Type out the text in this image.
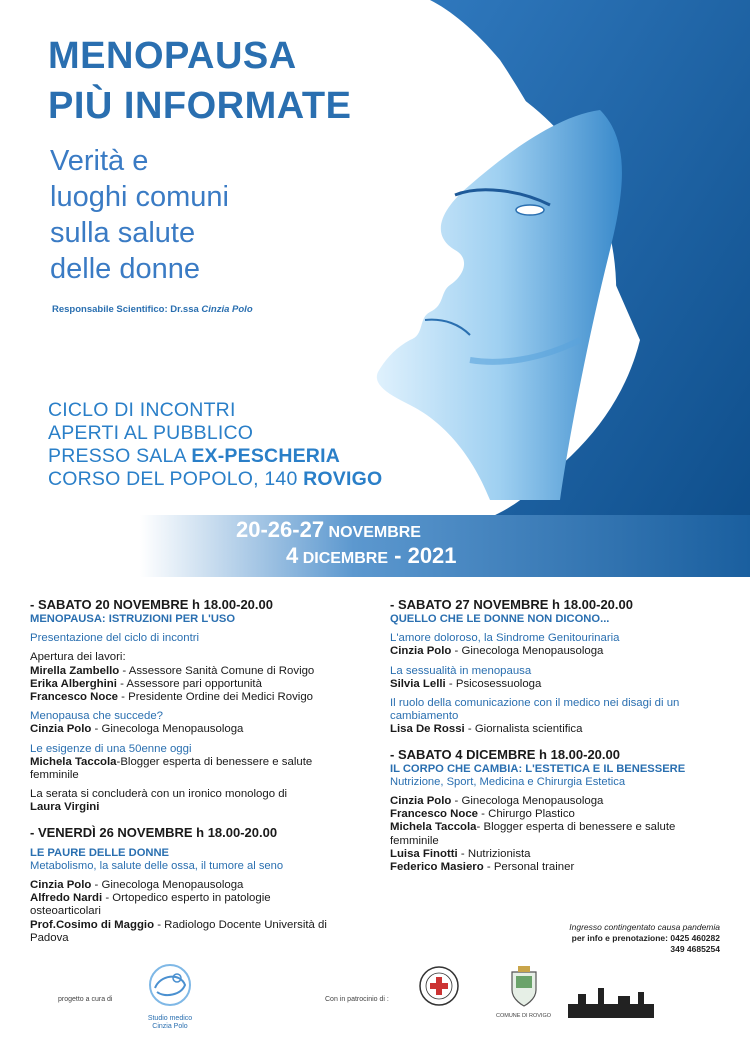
MENOPAUSA
PIÙ INFORMATE
Verità e
luoghi comuni
sulla salute
delle donne
Responsabile Scientifico: Dr.ssa Cinzia Polo
CICLO DI INCONTRI
APERTI AL PUBBLICO
PRESSO SALA EX-PESCHERIA
CORSO DEL POPOLO, 140 ROVIGO
20-26-27 NOVEMBRE
4 DICEMBRE - 2021

- SABATO 20 NOVEMBRE h 18.00-20.00

MENOPAUSA: ISTRUZIONI PER L'USO

Presentazione del ciclo di incontri

Apertura dei lavori:

Mirella Zambello - Assessore Sanità Comune di Rovigo

Erika Alberghini - Assessore pari opportunità

Francesco Noce - Presidente Ordine dei Medici Rovigo

Menopausa che succede?

Cinzia Polo - Ginecologa Menopausologa

Le esigenze di una 50enne oggi

Michela Taccola-Blogger esperta di benessere e salute femminile

La serata si concluderà con un ironico monologo di

Laura Virgini

- VENERDÌ 26 NOVEMBRE h 18.00-20.00

LE PAURE DELLE DONNE

Metabolismo, la salute delle ossa, il tumore al seno

Cinzia Polo - Ginecologa Menopausologa

Alfredo Nardi - Ortopedico esperto in patologie osteoarticolari

Prof.Cosimo di Maggio - Radiologo Docente Università di Padova

- SABATO 27 NOVEMBRE h 18.00-20.00

QUELLO CHE LE DONNE NON DICONO...

L'amore doloroso, la Sindrome Genitourinaria

Cinzia Polo - Ginecologa Menopausologa

La sessualità in menopausa

Silvia Lelli - Psicosessuologa

Il ruolo della comunicazione con il medico nei disagi di un cambiamento

Lisa De Rossi - Giornalista scientifica

- SABATO 4 DICEMBRE h 18.00-20.00

IL CORPO CHE CAMBIA: L'ESTETICA E IL BENESSERE

Nutrizione, Sport, Medicina e Chirurgia Estetica

Cinzia Polo - Ginecologa Menopausologa

Francesco Noce - Chirurgo Plastico

Michela Taccola- Blogger esperta di benessere e salute femminile

Luisa Finotti - Nutrizionista

Federico Masiero - Personal trainer

Ingresso contingentato causa pandemia
per info e prenotazione: 0425 460282
349 4685254
progetto a cura di
Studio medico
Cinzia Polo
Con in patrocinio di :
COMUNE DI ROVIGO
